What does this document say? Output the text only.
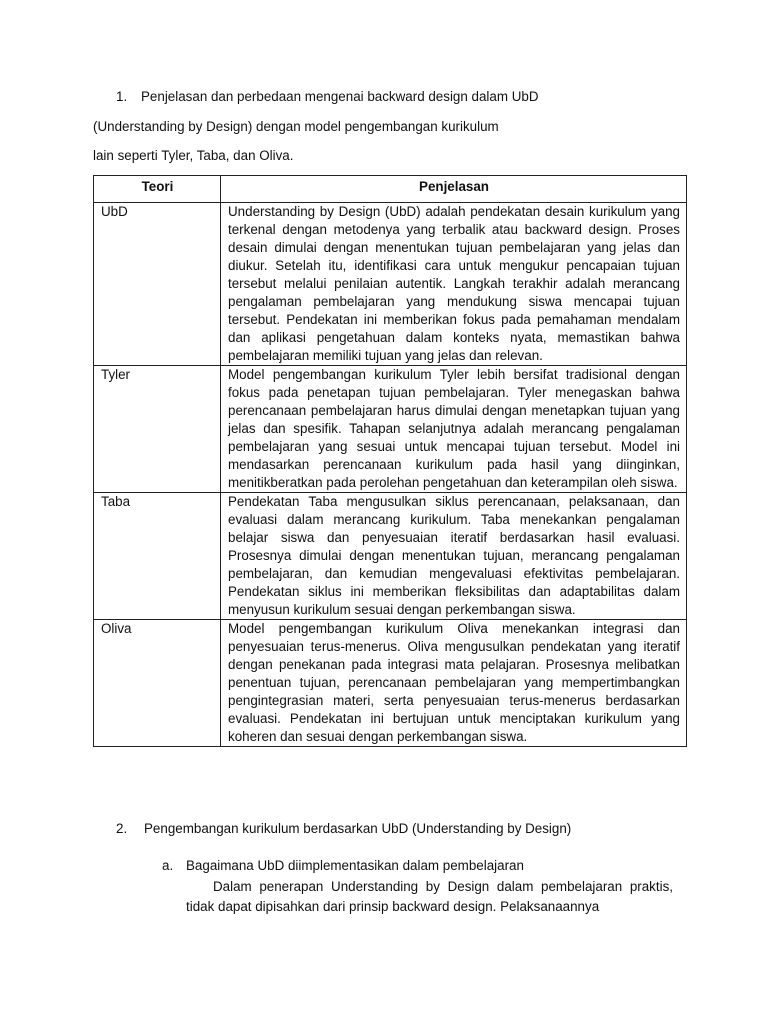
1. Penjelasan dan perbedaan mengenai backward design dalam UbD

(Understanding by Design) dengan model pengembangan kurikulum

lain seperti Tyler, Taba, dan Oliva.

Teori	Penjelasan
UbD	Understanding by Design (UbD) adalah pendekatan desain kurikulum yang terkenal dengan metodenya yang terbalik atau backward design. Proses desain dimulai dengan menentukan tujuan pembelajaran yang jelas dan diukur. Setelah itu, identifikasi cara untuk mengukur pencapaian tujuan tersebut melalui penilaian autentik. Langkah terakhir adalah merancang pengalaman pembelajaran yang mendukung siswa mencapai tujuan tersebut. Pendekatan ini memberikan fokus pada pemahaman mendalam dan aplikasi pengetahuan dalam konteks nyata, memastikan bahwa pembelajaran memiliki tujuan yang jelas dan relevan.
Tyler	Model pengembangan kurikulum Tyler lebih bersifat tradisional dengan fokus pada penetapan tujuan pembelajaran. Tyler menegaskan bahwa perencanaan pembelajaran harus dimulai dengan menetapkan tujuan yang jelas dan spesifik. Tahapan selanjutnya adalah merancang pengalaman pembelajaran yang sesuai untuk mencapai tujuan tersebut. Model ini mendasarkan perencanaan kurikulum pada hasil yang diinginkan, menitikberatkan pada perolehan pengetahuan dan keterampilan oleh siswa.
Taba	Pendekatan Taba mengusulkan siklus perencanaan, pelaksanaan, dan evaluasi dalam merancang kurikulum. Taba menekankan pengalaman belajar siswa dan penyesuaian iteratif berdasarkan hasil evaluasi. Prosesnya dimulai dengan menentukan tujuan, merancang pengalaman pembelajaran, dan kemudian mengevaluasi efektivitas pembelajaran. Pendekatan siklus ini memberikan fleksibilitas dan adaptabilitas dalam menyusun kurikulum sesuai dengan perkembangan siswa.
Oliva	Model pengembangan kurikulum Oliva menekankan integrasi dan penyesuaian terus-menerus. Oliva mengusulkan pendekatan yang iteratif dengan penekanan pada integrasi mata pelajaran. Prosesnya melibatkan penentuan tujuan, perencanaan pembelajaran yang mempertimbangkan pengintegrasian materi, serta penyesuaian terus-menerus berdasarkan evaluasi. Pendekatan ini bertujuan untuk menciptakan kurikulum yang koheren dan sesuai dengan perkembangan siswa.

2. Pengembangan kurikulum berdasarkan UbD (Understanding by Design)

a. Bagaimana UbD diimplementasikan dalam pembelajaran

Dalam penerapan Understanding by Design dalam pembelajaran praktis, tidak dapat dipisahkan dari prinsip backward design. Pelaksanaannya
